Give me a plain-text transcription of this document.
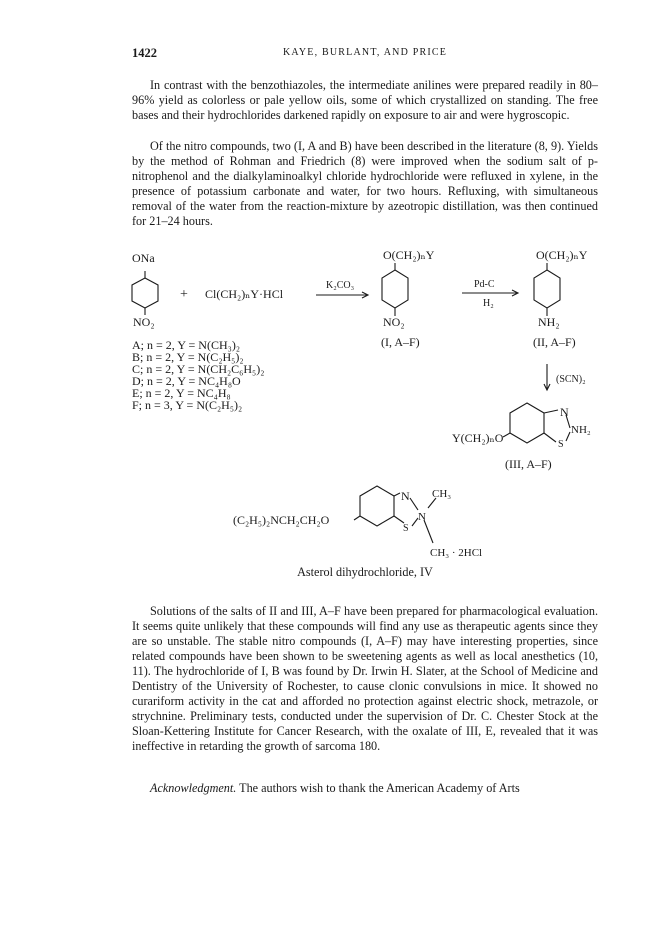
1422	KAYE, BURLANT, AND PRICE

In contrast with the benzothiazoles, the intermediate anilines were prepared readily in 80–96% yield as colorless or pale yellow oils, some of which crystallized on standing. The free bases and their hydrochlorides darkened rapidly on exposure to air and were hygroscopic.

Of the nitro compounds, two (I, A and B) have been described in the literature (8, 9). Yields by the method of Rohman and Friedrich (8) were improved when the sodium salt of p-nitrophenol and the dialkylaminoalkyl chloride hydrochloride were refluxed in xylene, in the presence of potassium carbonate and water, for two hours. Refluxing, with simultaneous removal of the water from the reaction-mixture by azeotropic distillation, was then continued for 21–24 hours.

ONa
NO₂
+ Cl(CH₂)ₙY·HCl
K₂CO₃
O(CH₂)ₙY
NO₂
(I, A–F)
Pd-C
H₂
O(CH₂)ₙY
NH₂
(II, A–F)
(SCN)₂
A; n = 2, Y = N(CH₃)₂
B; n = 2, Y = N(C₂H₅)₂
C; n = 2, Y = N(CH₂C₆H₅)₂
D; n = 2, Y = NC₄H₈O
E; n = 2, Y = NC₄H₈
F; n = 3, Y = N(C₂H₅)₂
Y(CH₂)ₙO
N
S
NH₂
(III, A–F)
(C₂H₅)₂NCH₂CH₂O
N CH₃
S
N
CH₃ · 2HCl
Asterol dihydrochloride, IV

Solutions of the salts of II and III, A–F have been prepared for pharmacological evaluation. It seems quite unlikely that these compounds will find any use as therapeutic agents since they are so unstable. The stable nitro compounds (I, A–F) may have interesting properties, since related compounds have been shown to be sweetening agents as well as local anesthetics (10, 11). The hydrochloride of I, B was found by Dr. Irwin H. Slater, at the School of Medicine and Dentistry of the University of Rochester, to cause clonic convulsions in mice. It showed no curariform activity in the cat and afforded no protection against electric shock, metrazole, or strychnine. Preliminary tests, conducted under the supervision of Dr. C. Chester Stock at the Sloan-Kettering Institute for Cancer Research, with the oxalate of III, E, revealed that it was ineffective in retarding the growth of sarcoma 180.

Acknowledgment. The authors wish to thank the American Academy of Arts
